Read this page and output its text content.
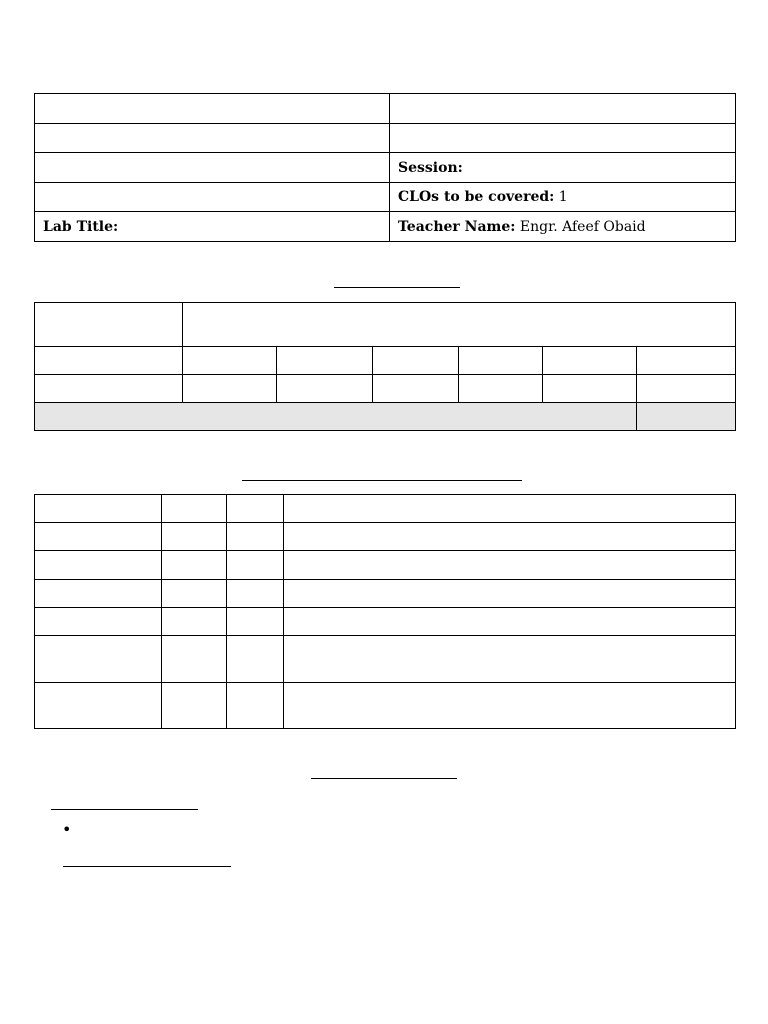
	Session:
	CLOs to be covered: 1
Lab Title:	Teacher Name: Engr. Afeef Obaid

•
